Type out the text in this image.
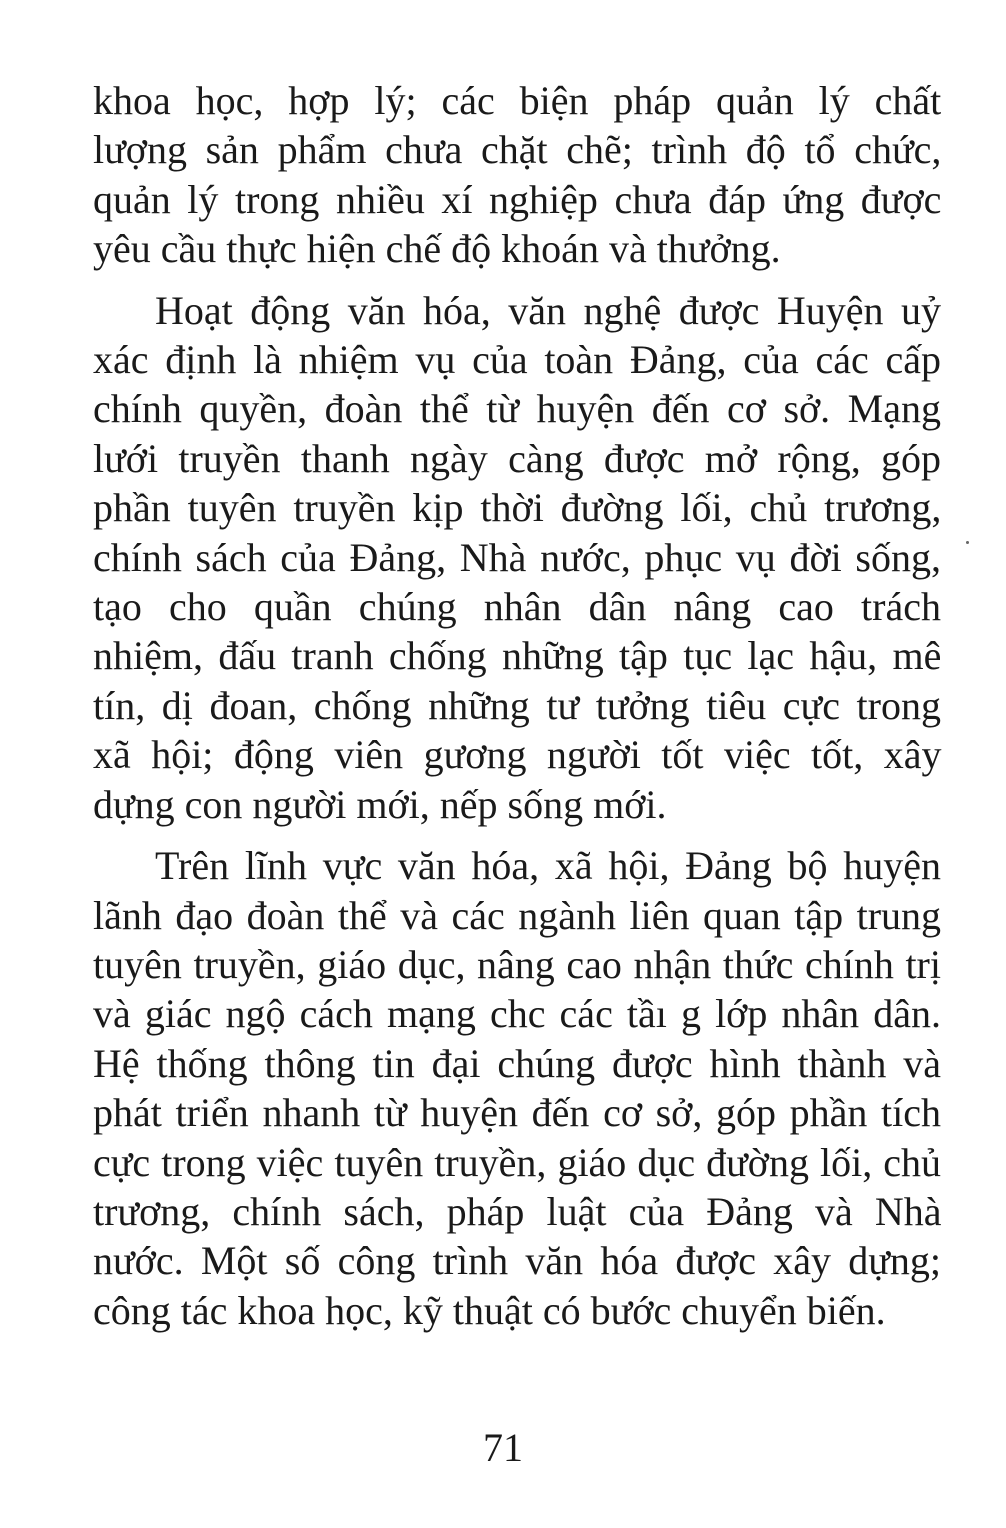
khoa học, hợp lý; các biện pháp quản lý chất
lượng sản phẩm chưa chặt chẽ; trình độ tổ chức,
quản lý trong nhiều xí nghiệp chưa đáp ứng được
yêu cầu thực hiện chế độ khoán và thưởng.

Hoạt động văn hóa, văn nghệ được Huyện uỷ
xác định là nhiệm vụ của toàn Đảng, của các cấp
chính quyền, đoàn thể từ huyện đến cơ sở. Mạng
lưới truyền thanh ngày càng được mở rộng, góp
phần tuyên truyền kịp thời đường lối, chủ trương,
chính sách của Đảng, Nhà nước, phục vụ đời sống,
tạo cho quần chúng nhân dân nâng cao trách
nhiệm, đấu tranh chống những tập tục lạc hậu, mê
tín, dị đoan, chống những tư tưởng tiêu cực trong
xã hội; động viên gương người tốt việc tốt, xây
dựng con người mới, nếp sống mới.

Trên lĩnh vực văn hóa, xã hội, Đảng bộ huyện
lãnh đạo đoàn thể và các ngành liên quan tập trung
tuyên truyền, giáo dục, nâng cao nhận thức chính trị
và giác ngộ cách mạng chc các tầı g lớp nhân dân.
Hệ thống thông tin đại chúng được hình thành và
phát triển nhanh từ huyện đến cơ sở, góp phần tích
cực trong việc tuyên truyền, giáo dục đường lối, chủ
trương, chính sách, pháp luật của Đảng và Nhà
nước. Một số công trình văn hóa được xây dựng;
công tác khoa học, kỹ thuật có bước chuyển biến.

71
